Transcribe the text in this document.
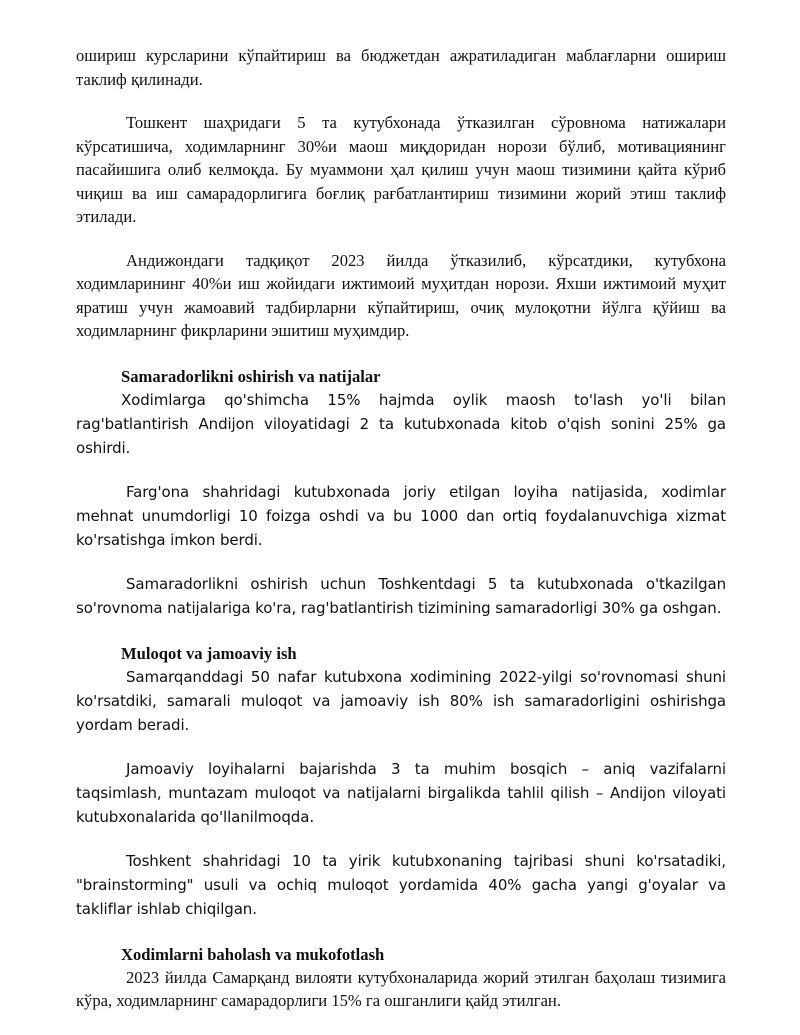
ошириш курсларини кўпайтириш ва бюджетдан ажратиладиган маблағларни ошириш таклиф қилинади.

Тошкент шаҳридаги 5 та кутубхонада ўтказилган сўровнома натижалари кўрсатишича, ходимларнинг 30%и маош миқдоридан норози бўлиб, мотивациянинг пасайишига олиб келмоқда. Бу муаммони ҳал қилиш учун маош тизимини қайта кўриб чиқиш ва иш самарадорлигига боғлиқ рағбатлантириш тизимини жорий этиш таклиф этилади.

Андижондаги тадқиқот 2023 йилда ўтказилиб, кўрсатдики, кутубхона ходимларининг 40%и иш жойидаги ижтимоий муҳитдан норози. Яхши ижтимоий муҳит яратиш учун жамоавий тадбирларни кўпайтириш, очиқ мулоқотни йўлга қўйиш ва ходимларнинг фикрларини эшитиш муҳимдир.

Samaradorlikni oshirish va natijalar

Xodimlarga qo'shimcha 15% hajmda oylik maosh to'lash yo'li bilan rag'batlantirish Andijon viloyatidagi 2 ta kutubxonada kitob o'qish sonini 25% ga oshirdi.

Farg'ona shahridagi kutubxonada joriy etilgan loyiha natijasida, xodimlar mehnat unumdorligi 10 foizga oshdi va bu 1000 dan ortiq foydalanuvchiga xizmat ko'rsatishga imkon berdi.

Samaradorlikni oshirish uchun Toshkentdagi 5 ta kutubxonada o'tkazilgan so'rovnoma natijalariga ko'ra, rag'batlantirish tizimining samaradorligi 30% ga oshgan.

Muloqot va jamoaviy ish

Samarqanddagi 50 nafar kutubxona xodimining 2022-yilgi so'rovnomasi shuni ko'rsatdiki, samarali muloqot va jamoaviy ish 80% ish samaradorligini oshirishga yordam beradi.

Jamoaviy loyihalarni bajarishda 3 ta muhim bosqich – aniq vazifalarni taqsimlash, muntazam muloqot va natijalarni birgalikda tahlil qilish – Andijon viloyati kutubxonalarida qo'llanilmoqda.

Toshkent shahridagi 10 ta yirik kutubxonaning tajribasi shuni ko'rsatadiki, "brainstorming" usuli va ochiq muloqot yordamida 40% gacha yangi g'oyalar va takliflar ishlab chiqilgan.

Xodimlarni baholash va mukofotlash

2023 йилда Самарқанд вилояти кутубхоналарида жорий этилган баҳолаш тизимига кўра, ходимларнинг самарадорлиги 15% га ошганлиги қайд этилган.
